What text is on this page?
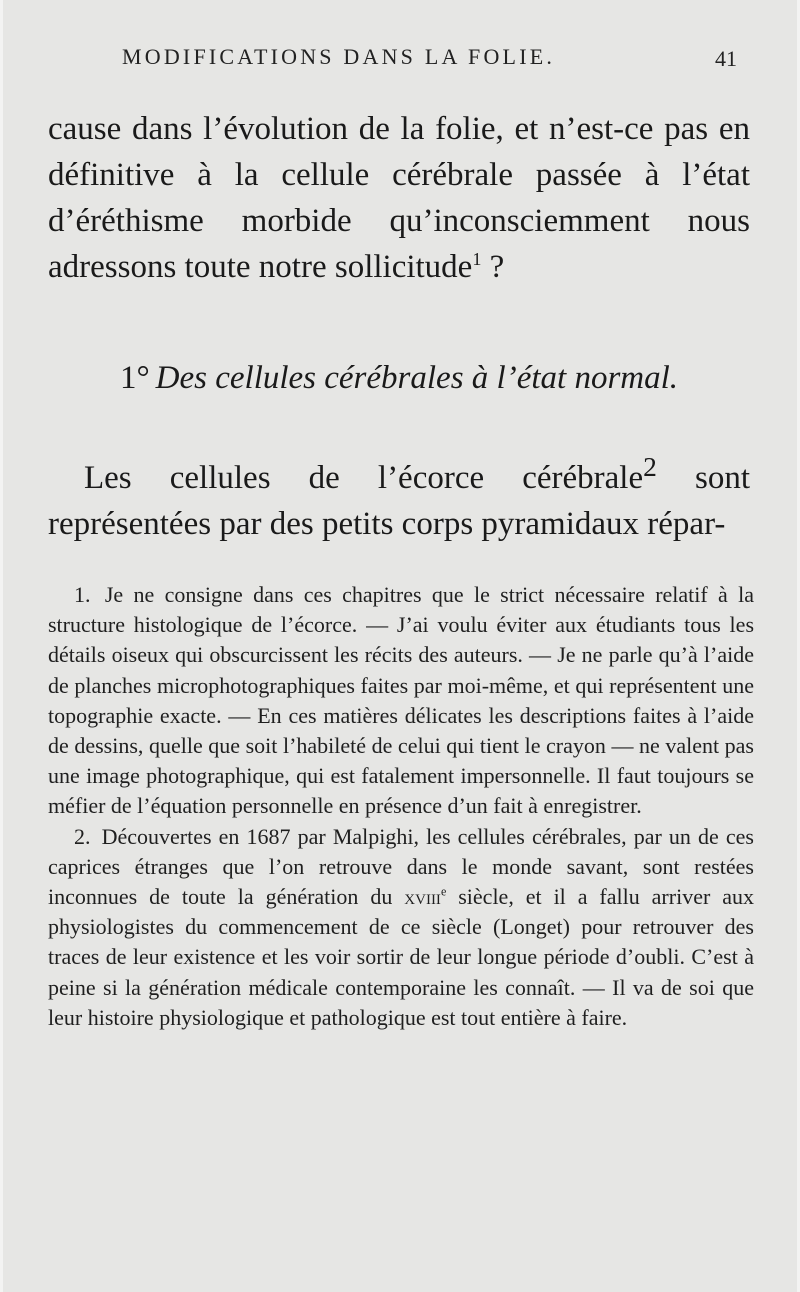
MODIFICATIONS DANS LA FOLIE.	41

cause dans l’évolution de la folie, et n’est-ce pas en définitive à la cellule cérébrale passée à l’état d’éréthisme morbide qu’inconsciemment nous adressons toute notre sollicitude$^1$ ?

1° Des cellules cérébrales à l’état normal.
Les cellules de l’écorce cérébrale$^2$ sont représentées par des petits corps pyramidaux répar-

1. Je ne consigne dans ces chapitres que le strict nécessaire relatif à la structure histologique de l’écorce. — J’ai voulu éviter aux étudiants tous les détails oiseux qui obscurcissent les récits des auteurs. — Je ne parle qu’à l’aide de planches microphotographiques faites par moi-même, et qui représentent une topographie exacte. — En ces matières délicates les descriptions faites à l’aide de dessins, quelle que soit l’habileté de celui qui tient le crayon — ne valent pas une image photographique, qui est fatalement impersonnelle. Il faut toujours se méfier de l’équation personnelle en présence d’un fait à enregistrer.

2. Découvertes en 1687 par Malpighi, les cellules cérébrales, par un de ces caprices étranges que l’on retrouve dans le monde savant, sont restées inconnues de toute la génération du xviii$^e$ siècle, et il a fallu arriver aux physiologistes du commencement de ce siècle (Longet) pour retrouver des traces de leur existence et les voir sortir de leur longue période d’oubli. C’est à peine si la génération médicale contemporaine les connaît. — Il va de soi que leur histoire physiologique et pathologique est tout entière à faire.
